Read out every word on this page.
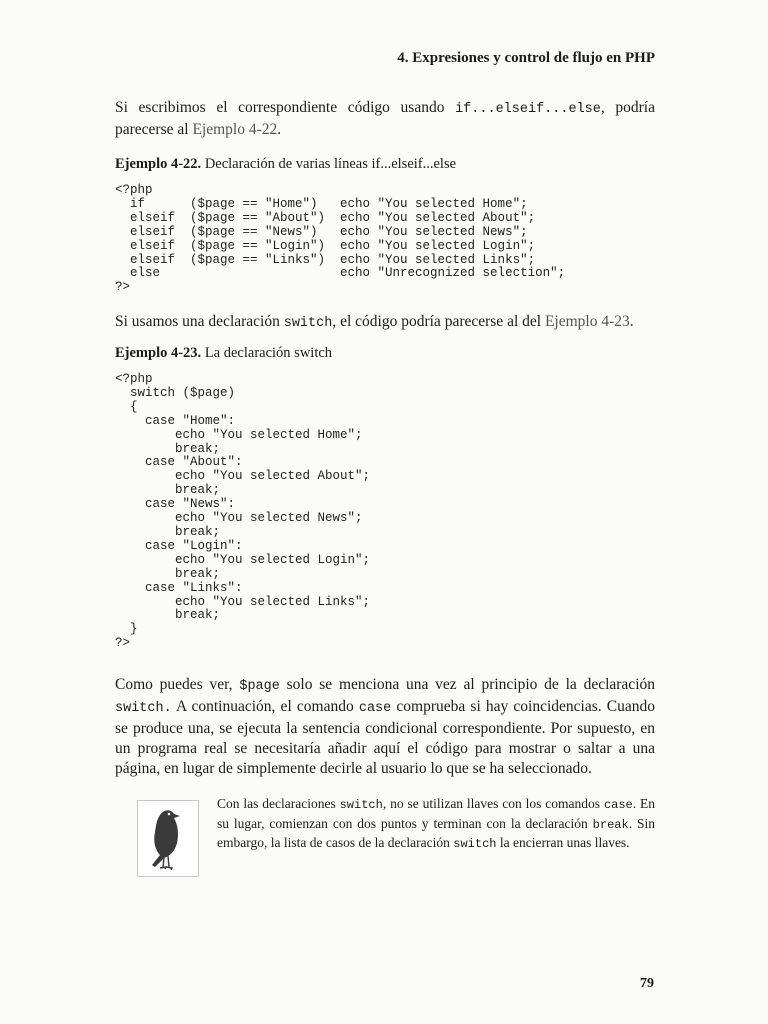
4. Expresiones y control de flujo en PHP

Si escribimos el correspondiente código usando if...elseif...else, podría parecerse al Ejemplo 4-22.

Ejemplo 4-22. Declaración de varias líneas if...elseif...else
<?php
if      ($page == "Home")   echo "You selected Home";
elseif  ($page == "About")  echo "You selected About";
elseif  ($page == "News")   echo "You selected News";
elseif  ($page == "Login")  echo "You selected Login";
elseif  ($page == "Links")  echo "You selected Links";
else                        echo "Unrecognized selection";
?>

Si usamos una declaración switch, el código podría parecerse al del Ejemplo 4-23.

Ejemplo 4-23. La declaración switch
<?php
switch ($page)
{
case "Home":
echo "You selected Home";
break;
case "About":
echo "You selected About";
break;
case "News":
echo "You selected News";
break;
case "Login":
echo "You selected Login";
break;
case "Links":
echo "You selected Links";
break;
}
?>

Como puedes ver, $page solo se menciona una vez al principio de la declaración switch. A continuación, el comando case comprueba si hay coincidencias. Cuando se produce una, se ejecuta la sentencia condicional correspondiente. Por supuesto, en un programa real se necesitaría añadir aquí el código para mostrar o saltar a una página, en lugar de simplemente decirle al usuario lo que se ha seleccionado.

Con las declaraciones switch, no se utilizan llaves con los comandos case. En su lugar, comienzan con dos puntos y terminan con la declaración break. Sin embargo, la lista de casos de la declaración switch la encierran unas llaves.

79
